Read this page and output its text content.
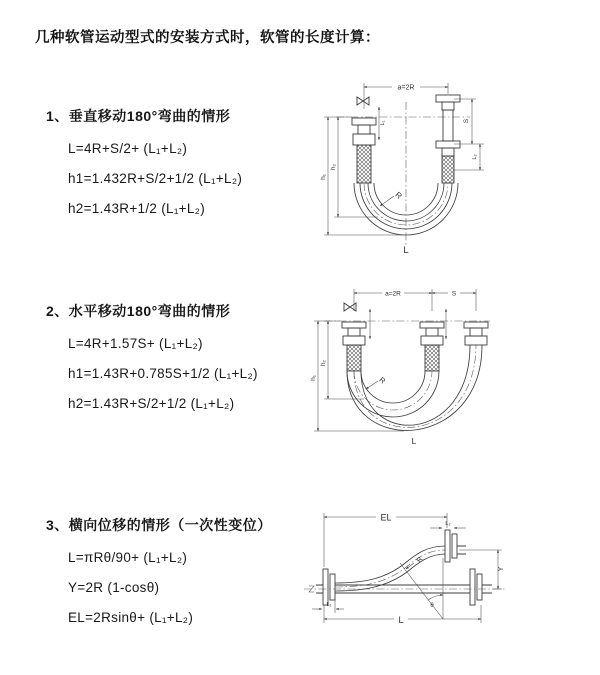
几种软管运动型式的安装方式时，软管的长度计算：
1、垂直移动180°弯曲的情形
L=4R+S/2+ (L₁+L₂)
h1=1.432R+S/2+1/2 (L₁+L₂)
h2=1.43R+1/2 (L₁+L₂)
2、水平移动180°弯曲的情形
L=4R+1.57S+ (L₁+L₂)
h1=1.43R+0.785S+1/2 (L₁+L₂)
h2=1.43R+S/2+1/2 (L₁+L₂)
3、横向位移的情形（一次性变位）
L=πRθ/90+ (L₁+L₂)
Y=2R (1-cosθ)
EL=2Rsinθ+ (L₁+L₂)
a=2R
R
h₁
h₂
S
L₂
L₁
L
a=2R	S
h₁
h₂
R
L
EL
L₂
Y
θ
R
L
L₁
